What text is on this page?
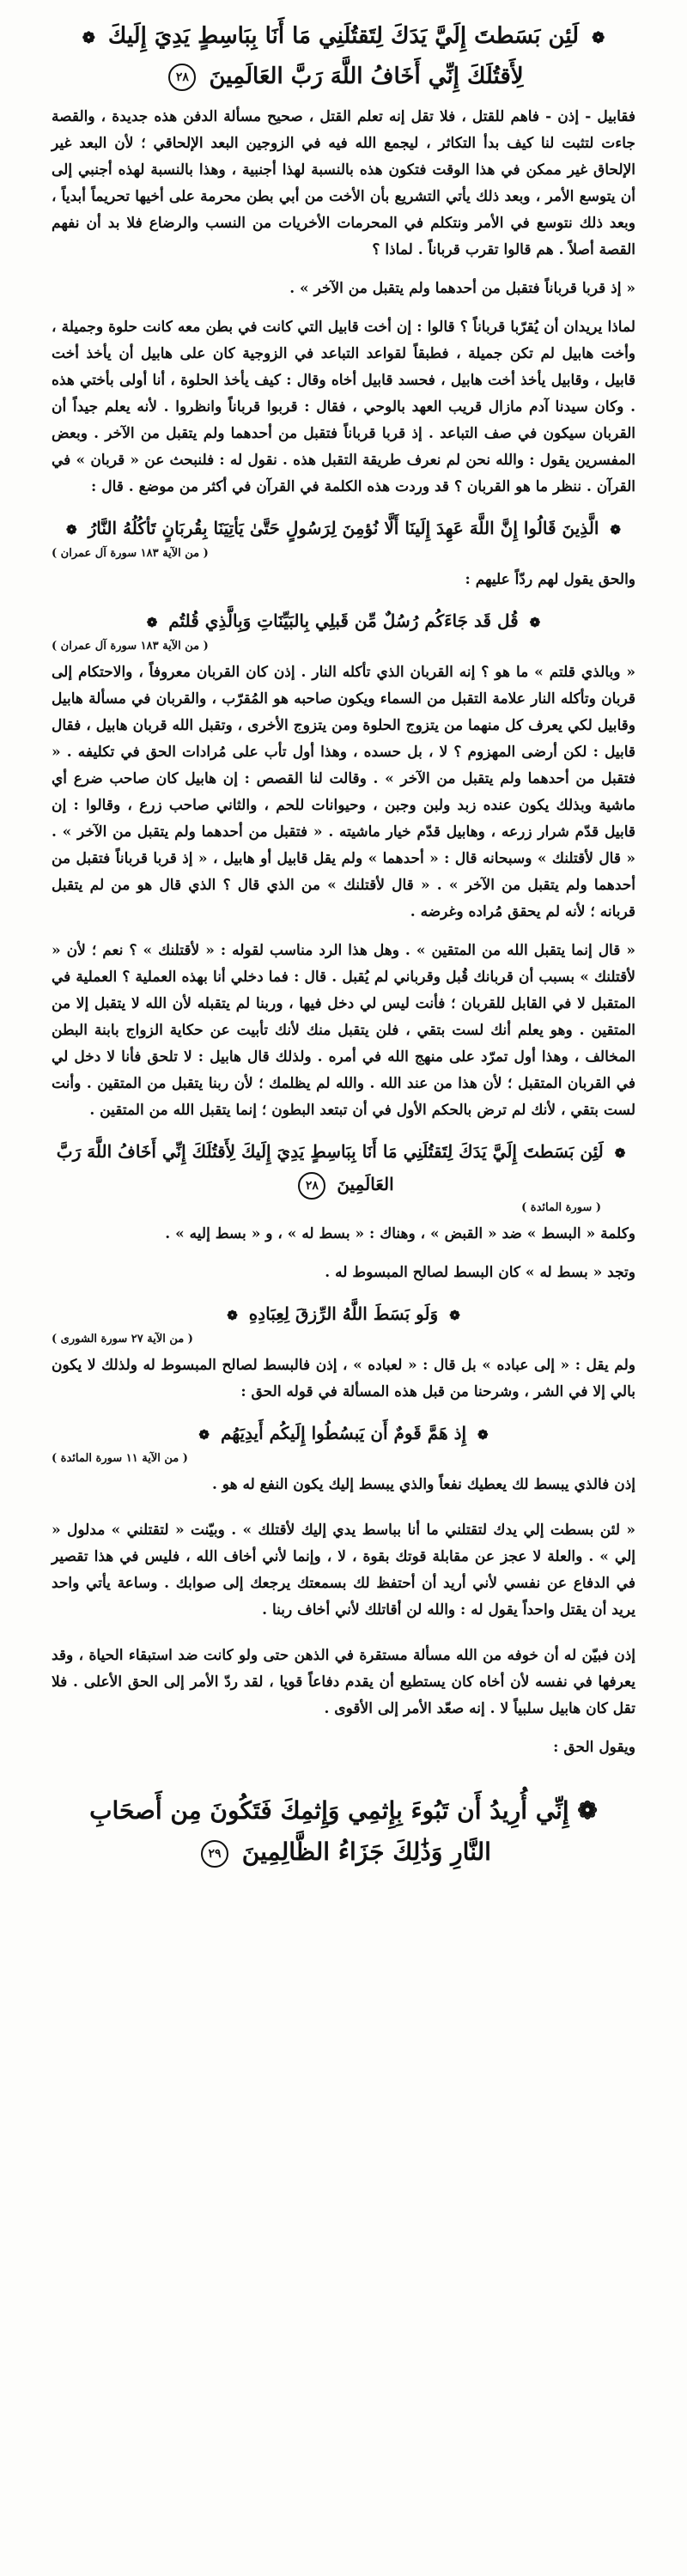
❁ لَئِن بَسَطتَ إِلَيَّ يَدَكَ لِتَقتُلَنِي مَا أَنَا بِبَاسِطٍ يَدِيَ إِلَيكَ ❁
لِأَقتُلَكَ إِنِّي أَخَافُ اللَّهَ رَبَّ العَالَمِينَ ٢٨

فقابيل - إذن - فاهم للقتل ، فلا تقل إنه تعلم القتل ، صحيح مسألة الدفن هذه جديدة ، والقصة جاءت لتثبت لنا كيف بدأ التكاثر ، ليجمع الله فيه في الزوجين البعد الإلحاقي ؛ لأن البعد غير الإلحاق غير ممكن في هذا الوقت فتكون هذه بالنسبة لهذا أجنبية ، وهذا بالنسبة لهذه أجنبي إلى أن يتوسع الأمر ، وبعد ذلك يأتي التشريع بأن الأخت من أبي بطن محرمة على أخيها تحريماً أبدياً ، وبعد ذلك نتوسع في الأمر ونتكلم في المحرمات الأخريات من النسب والرضاع فلا بد أن نفهم القصة أصلاً . هم قالوا تقرب قرباناً . لماذا ؟

« إذ قربا قرباناً فتقبل من أحدهما ولم يتقبل من الآخر » .

لماذا يريدان أن يُقرّبا قرباناً ؟ قالوا : إن أخت قابيل التي كانت في بطن معه كانت حلوة وجميلة ، وأخت هابيل لم تكن جميلة ، فطبقاً لقواعد التباعد في الزوجية كان على هابيل أن يأخذ أخت قابيل ، وقابيل يأخذ أخت هابيل ، فحسد قابيل أخاه وقال : كيف يأخذ الحلوة ، أنا أولى بأختي هذه . وكان سيدنا آدم مازال قريب العهد بالوحي ، فقال : قربوا قرباناً وانظروا . لأنه يعلم جيداً أن القربان سيكون في صف التباعد . إذ قربا قرباناً فتقبل من أحدهما ولم يتقبل من الآخر . وبعض المفسرين يقول : والله نحن لم نعرف طريقة التقبل هذه . نقول له : فلنبحث عن « قربان » في القرآن . ننظر ما هو القربان ؟ قد وردت هذه الكلمة في القرآن في أكثر من موضع . قال :

❁ الَّذِينَ قَالُوا إِنَّ اللَّهَ عَهِدَ إِلَينَا أَلَّا نُؤمِنَ لِرَسُولٍ حَتَّىٰ يَأتِيَنَا بِقُربَانٍ تَأكُلُهُ النَّارُ ❁
( من الآية ١٨٣ سورة آل عمران )

والحق يقول لهم ردّاً عليهم :

❁ قُل قَد جَاءَكُم رُسُلٌ مِّن قَبلِي بِالبَيِّنَاتِ وَبِالَّذِي قُلتُم ❁
( من الآية ١٨٣ سورة آل عمران )

« وبالذي قلتم » ما هو ؟ إنه القربان الذي تأكله النار . إذن كان القربان معروفاً ، والاحتكام إلى قربان وتأكله النار علامة التقبل من السماء ويكون صاحبه هو المُقرّب ، والقربان في مسألة هابيل وقابيل لكي يعرف كل منهما من يتزوج الحلوة ومن يتزوج الأخرى ، وتقبل الله قربان هابيل ، فقال قابيل : لكن أرضى المهزوم ؟ لا ، بل حسده ، وهذا أول تأب على مُرادات الحق في تكليفه . « فتقبل من أحدهما ولم يتقبل من الآخر » . وقالت لنا القصص : إن هابيل كان صاحب ضرع أي ماشية وبذلك يكون عنده زبد ولبن وجبن ، وحيوانات للحم ، والثاني صاحب زرع ، وقالوا : إن قابيل قدّم شرار زرعه ، وهابيل قدّم خيار ماشيته . « فتقبل من أحدهما ولم يتقبل من الآخر » . « قال لأقتلنك » وسبحانه قال : « أحدهما » ولم يقل قابيل أو هابيل ، « إذ قربا قرباناً فتقبل من أحدهما ولم يتقبل من الآخر » . « قال لأقتلنك » من الذي قال ؟ الذي قال هو من لم يتقبل قربانه ؛ لأنه لم يحقق مُراده وغرضه .

« قال إنما يتقبل الله من المتقين » . وهل هذا الرد مناسب لقوله : « لأقتلنك » ؟ نعم ؛ لأن « لأقتلنك » بسبب أن قربانك قُبل وقرباني لم يُقبل . قال : فما دخلي أنا بهذه العملية ؟ العملية في المتقبل لا في القابل للقربان ؛ فأنت ليس لي دخل فيها ، وربنا لم يتقبله لأن الله لا يتقبل إلا من المتقين . وهو يعلم أنك لست بتقي ، فلن يتقبل منك لأنك تأبيت عن حكاية الزواج بابنة البطن المخالف ، وهذا أول تمرّد على منهج الله في أمره . ولذلك قال هابيل : لا تلحق فأنا لا دخل لي في القربان المتقبل ؛ لأن هذا من عند الله . والله لم يظلمك ؛ لأن ربنا يتقبل من المتقين . وأنت لست بتقي ، لأنك لم ترض بالحكم الأول في أن تبتعد البطون ؛ إنما يتقبل الله من المتقين .

❁ لَئِن بَسَطتَ إِلَيَّ يَدَكَ لِتَقتُلَنِي مَا أَنَا بِبَاسِطٍ يَدِيَ إِلَيكَ لِأَقتُلَكَ إِنِّي أَخَافُ اللَّهَ رَبَّ العَالَمِينَ ٢٨
( سورة المائدة )

وكلمة « البسط » ضد « القبض » ، وهناك : « بسط له » ، و « بسط إليه » .

وتجد « بسط له » كان البسط لصالح المبسوط له .

❁ وَلَو بَسَطَ اللَّهُ الرِّزقَ لِعِبَادِهِ ❁
( من الآية ٢٧ سورة الشورى )

ولم يقل : « إلى عباده » بل قال : « لعباده » ، إذن فالبسط لصالح المبسوط له ولذلك لا يكون بالي إلا في الشر ، وشرحنا من قبل هذه المسألة في قوله الحق :

❁ إِذ هَمَّ قَومٌ أَن يَبسُطُوا إِلَيكُم أَيدِيَهُم ❁
( من الآية ١١ سورة المائدة )

إذن فالذي يبسط لك يعطيك نفعاً والذي يبسط إليك يكون النفع له هو .

« لئن بسطت إلي يدك لتقتلني ما أنا بباسط يدي إليك لأقتلك » . وبيّنت « لتقتلني » مدلول « إلي » . والعلة لا عجز عن مقابلة قوتك بقوة ، لا ، وإنما لأني أخاف الله ، فليس في هذا تقصير في الدفاع عن نفسي لأني أريد أن أحتفظ لك بسمعتك يرجعك إلى صوابك . وساعة يأتي واحد يريد أن يقتل واحداً يقول له : والله لن أقاتلك لأني أخاف ربنا .

إذن فبيّن له أن خوفه من الله مسألة مستقرة في الذهن حتى ولو كانت ضد استبقاء الحياة ، وقد يعرفها في نفسه لأن أخاه كان يستطيع أن يقدم دفاعاً قويا ، لقد ردّ الأمر إلى الحق الأعلى . فلا تقل كان هابيل سلبياً لا . إنه صعّد الأمر إلى الأقوى .

ويقول الحق :

❁ إِنِّي أُرِيدُ أَن تَبُوءَ بِإِثمِي وَإِثمِكَ فَتَكُونَ مِن أَصحَابِ
النَّارِ وَذَٰلِكَ جَزَاءُ الظَّالِمِينَ ٢٩
